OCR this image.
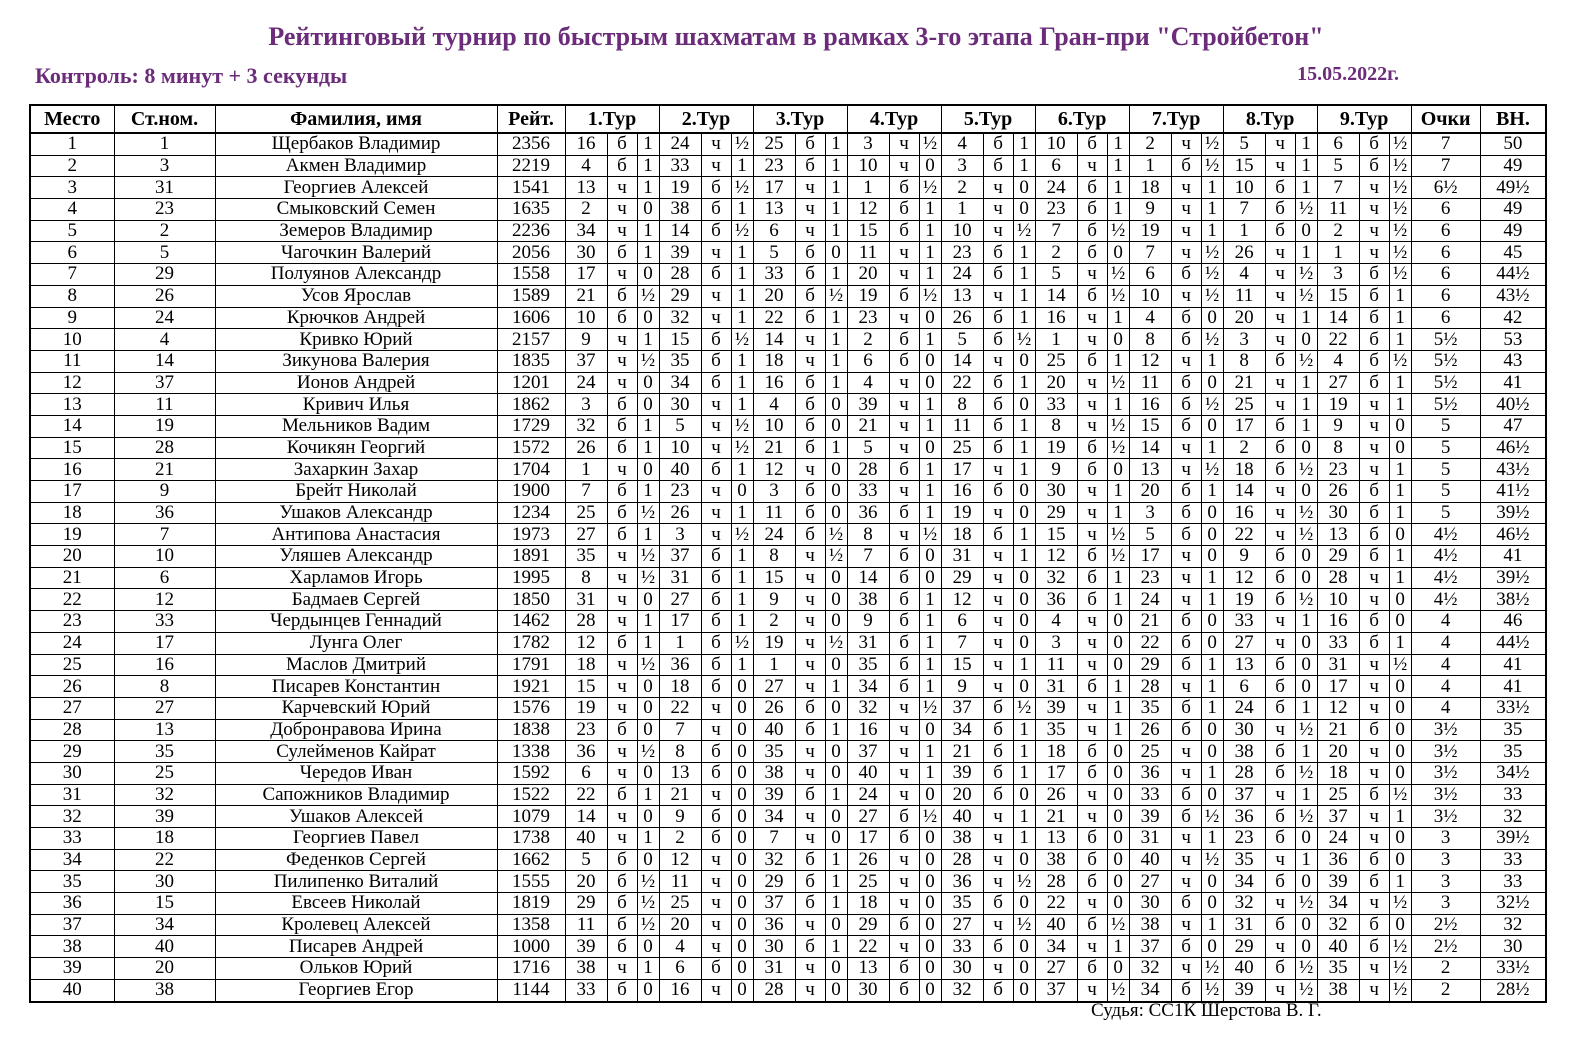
Рейтинговый турнир по быстрым шахматам в рамках 3-го этапа Гран-при "Стройбетон"
Контроль: 8 минут + 3 секунды	15.05.2022г.
Место	Ст.ном.	Фамилия, имя	Рейт.	1.Тур			2.Тур			3.Тур			4.Тур			5.Тур			6.Тур			7.Тур			8.Тур			9.Тур			Очки	ВН.
1	1	Щербаков Владимир	2356	16	б	1	24	ч	½	25	б	1	3	ч	½	4	б	1	10	б	1	2	ч	½	5	ч	1	6	б	½	7	50
2	3	Акмен Владимир	2219	4	б	1	33	ч	1	23	б	1	10	ч	0	3	б	1	6	ч	1	1	б	½	15	ч	1	5	б	½	7	49
3	31	Георгиев Алексей	1541	13	ч	1	19	б	½	17	ч	1	1	б	½	2	ч	0	24	б	1	18	ч	1	10	б	1	7	ч	½	6½	49½
4	23	Смыковский Семен	1635	2	ч	0	38	б	1	13	ч	1	12	б	1	1	ч	0	23	б	1	9	ч	1	7	б	½	11	ч	½	6	49
5	2	Земеров Владимир	2236	34	ч	1	14	б	½	6	ч	1	15	б	1	10	ч	½	7	б	½	19	ч	1	1	б	0	2	ч	½	6	49
6	5	Чагочкин Валерий	2056	30	б	1	39	ч	1	5	б	0	11	ч	1	23	б	1	2	б	0	7	ч	½	26	ч	1	1	ч	½	6	45
7	29	Полуянов Александр	1558	17	ч	0	28	б	1	33	б	1	20	ч	1	24	б	1	5	ч	½	6	б	½	4	ч	½	3	б	½	6	44½
8	26	Усов Ярослав	1589	21	б	½	29	ч	1	20	б	½	19	б	½	13	ч	1	14	б	½	10	ч	½	11	ч	½	15	б	1	6	43½
9	24	Крючков Андрей	1606	10	б	0	32	ч	1	22	б	1	23	ч	0	26	б	1	16	ч	1	4	б	0	20	ч	1	14	б	1	6	42
10	4	Кривко Юрий	2157	9	ч	1	15	б	½	14	ч	1	2	б	1	5	б	½	1	ч	0	8	б	½	3	ч	0	22	б	1	5½	53
11	14	Зикунова Валерия	1835	37	ч	½	35	б	1	18	ч	1	6	б	0	14	ч	0	25	б	1	12	ч	1	8	б	½	4	б	½	5½	43
12	37	Ионов Андрей	1201	24	ч	0	34	б	1	16	б	1	4	ч	0	22	б	1	20	ч	½	11	б	0	21	ч	1	27	б	1	5½	41
13	11	Кривич Илья	1862	3	б	0	30	ч	1	4	б	0	39	ч	1	8	б	0	33	ч	1	16	б	½	25	ч	1	19	ч	1	5½	40½
14	19	Мельников Вадим	1729	32	б	1	5	ч	½	10	б	0	21	ч	1	11	б	1	8	ч	½	15	б	0	17	б	1	9	ч	0	5	47
15	28	Кочикян Георгий	1572	26	б	1	10	ч	½	21	б	1	5	ч	0	25	б	1	19	б	½	14	ч	1	2	б	0	8	ч	0	5	46½
16	21	Захаркин Захар	1704	1	ч	0	40	б	1	12	ч	0	28	б	1	17	ч	1	9	б	0	13	ч	½	18	б	½	23	ч	1	5	43½
17	9	Брейт Николай	1900	7	б	1	23	ч	0	3	б	0	33	ч	1	16	б	0	30	ч	1	20	б	1	14	ч	0	26	б	1	5	41½
18	36	Ушаков Александр	1234	25	б	½	26	ч	1	11	б	0	36	б	1	19	ч	0	29	ч	1	3	б	0	16	ч	½	30	б	1	5	39½
19	7	Антипова Анастасия	1973	27	б	1	3	ч	½	24	б	½	8	ч	½	18	б	1	15	ч	½	5	б	0	22	ч	½	13	б	0	4½	46½
20	10	Уляшев Александр	1891	35	ч	½	37	б	1	8	ч	½	7	б	0	31	ч	1	12	б	½	17	ч	0	9	б	0	29	б	1	4½	41
21	6	Харламов Игорь	1995	8	ч	½	31	б	1	15	ч	0	14	б	0	29	ч	0	32	б	1	23	ч	1	12	б	0	28	ч	1	4½	39½
22	12	Бадмаев Сергей	1850	31	ч	0	27	б	1	9	ч	0	38	б	1	12	ч	0	36	б	1	24	ч	1	19	б	½	10	ч	0	4½	38½
23	33	Чердынцев Геннадий	1462	28	ч	1	17	б	1	2	ч	0	9	б	1	6	ч	0	4	ч	0	21	б	0	33	ч	1	16	б	0	4	46
24	17	Лунга Олег	1782	12	б	1	1	б	½	19	ч	½	31	б	1	7	ч	0	3	ч	0	22	б	0	27	ч	0	33	б	1	4	44½
25	16	Маслов Дмитрий	1791	18	ч	½	36	б	1	1	ч	0	35	б	1	15	ч	1	11	ч	0	29	б	1	13	б	0	31	ч	½	4	41
26	8	Писарев Константин	1921	15	ч	0	18	б	0	27	ч	1	34	б	1	9	ч	0	31	б	1	28	ч	1	6	б	0	17	ч	0	4	41
27	27	Карчевский Юрий	1576	19	ч	0	22	ч	0	26	б	0	32	ч	½	37	б	½	39	ч	1	35	б	1	24	б	1	12	ч	0	4	33½
28	13	Добронравова Ирина	1838	23	б	0	7	ч	0	40	б	1	16	ч	0	34	б	1	35	ч	1	26	б	0	30	ч	½	21	б	0	3½	35
29	35	Сулейменов Кайрат	1338	36	ч	½	8	б	0	35	ч	0	37	ч	1	21	б	1	18	б	0	25	ч	0	38	б	1	20	ч	0	3½	35
30	25	Чередов Иван	1592	6	ч	0	13	б	0	38	ч	0	40	ч	1	39	б	1	17	б	0	36	ч	1	28	б	½	18	ч	0	3½	34½
31	32	Сапожников Владимир	1522	22	б	1	21	ч	0	39	б	1	24	ч	0	20	б	0	26	ч	0	33	б	0	37	ч	1	25	б	½	3½	33
32	39	Ушаков Алексей	1079	14	ч	0	9	б	0	34	ч	0	27	б	½	40	ч	1	21	ч	0	39	б	½	36	б	½	37	ч	1	3½	32
33	18	Георгиев Павел	1738	40	ч	1	2	б	0	7	ч	0	17	б	0	38	ч	1	13	б	0	31	ч	1	23	б	0	24	ч	0	3	39½
34	22	Феденков Сергей	1662	5	б	0	12	ч	0	32	б	1	26	ч	0	28	ч	0	38	б	0	40	ч	½	35	ч	1	36	б	0	3	33
35	30	Пилипенко Виталий	1555	20	б	½	11	ч	0	29	б	1	25	ч	0	36	ч	½	28	б	0	27	ч	0	34	б	0	39	б	1	3	33
36	15	Евсеев Николай	1819	29	б	½	25	ч	0	37	б	1	18	ч	0	35	б	0	22	ч	0	30	б	0	32	ч	½	34	ч	½	3	32½
37	34	Кролевец Алексей	1358	11	б	½	20	ч	0	36	ч	0	29	б	0	27	ч	½	40	б	½	38	ч	1	31	б	0	32	б	0	2½	32
38	40	Писарев Андрей	1000	39	б	0	4	ч	0	30	б	1	22	ч	0	33	б	0	34	ч	1	37	б	0	29	ч	0	40	б	½	2½	30
39	20	Ольков Юрий	1716	38	ч	1	6	б	0	31	ч	0	13	б	0	30	ч	0	27	б	0	32	ч	½	40	б	½	35	ч	½	2	33½
40	38	Георгиев Егор	1144	33	б	0	16	ч	0	28	ч	0	30	б	0	32	б	0	37	ч	½	34	б	½	39	ч	½	38	ч	½	2	28½
Судья: СС1К Шерстова В. Г.
